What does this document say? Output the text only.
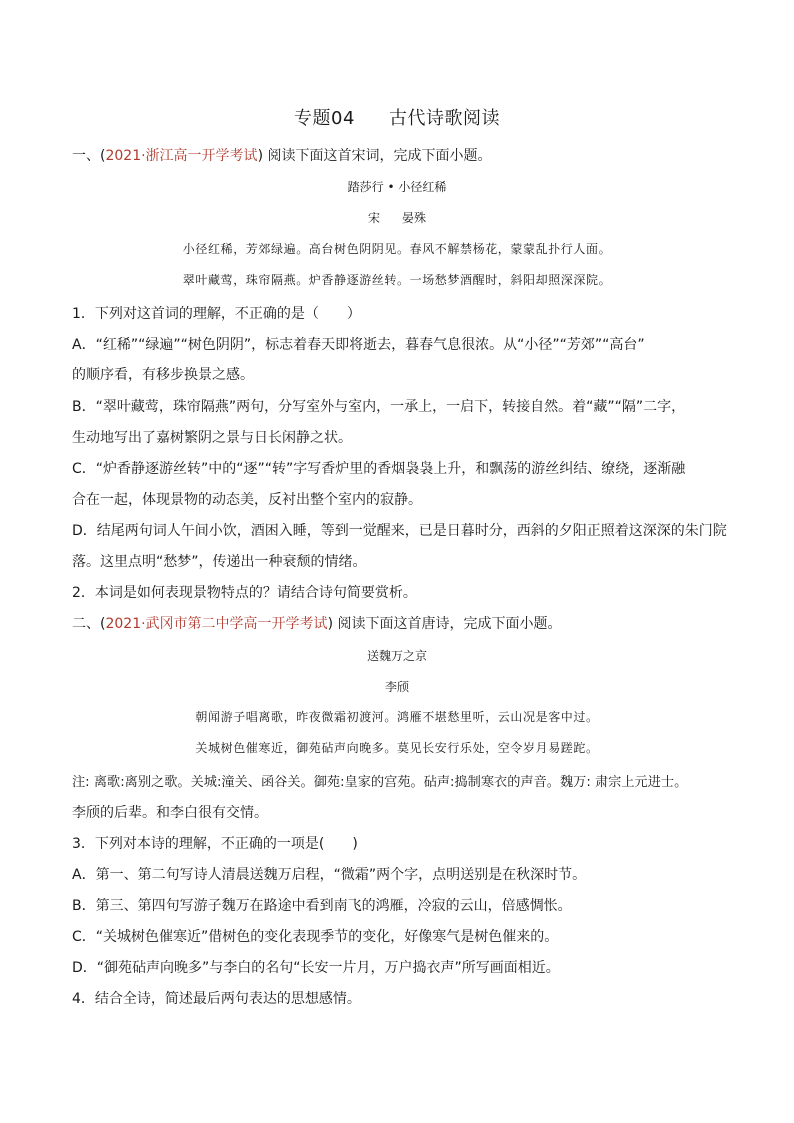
专题04 古代诗歌阅读
一、(2021·浙江高一开学考试) 阅读下面这首宋词，完成下面小题。
踏莎行 • 小径红稀
宋 晏殊
小径红稀，芳郊绿遍。高台树色阴阴见。春风不解禁杨花，蒙蒙乱扑行人面。
翠叶藏莺，珠帘隔燕。炉香静逐游丝转。一场愁梦酒醒时，斜阳却照深深院。
1．下列对这首词的理解，不正确的是（　　）
A．“红稀”“绿遍”“树色阴阴”，标志着春天即将逝去，暮春气息很浓。从“小径”“芳郊”“高台”
的顺序看，有移步换景之感。
B．“翠叶藏莺，珠帘隔燕”两句，分写室外与室内，一承上，一启下，转接自然。着“藏”“隔”二字，
生动地写出了嘉树繁阴之景与日长闲静之状。
C．“炉香静逐游丝转”中的“逐”“转”字写香炉里的香烟袅袅上升，和飘荡的游丝纠结、缭绕，逐渐融
合在一起，体现景物的动态美，反衬出整个室内的寂静。
D．结尾两句词人午间小饮，酒困入睡，等到一觉醒来，已是日暮时分，西斜的夕阳正照着这深深的朱门院
落。这里点明“愁梦”，传递出一种衰颓的情绪。
2．本词是如何表现景物特点的？请结合诗句简要赏析。
二、(2021·武冈市第二中学高一开学考试) 阅读下面这首唐诗，完成下面小题。
送魏万之京
李颀
朝闻游子唱离歌，昨夜微霜初渡河。鸿雁不堪愁里听，云山况是客中过。
关城树色催寒近，御苑砧声向晚多。莫见长安行乐处，空令岁月易蹉跎。
注: 离歌:离别之歌。关城:潼关、函谷关。御苑:皇家的宫苑。砧声:捣制寒衣的声音。魏万: 肃宗上元进士。
李颀的后辈。和李白很有交情。
3．下列对本诗的理解，不正确的一项是(　　)
A．第一、第二句写诗人清晨送魏万启程，“微霜”两个字，点明送别是在秋深时节。
B．第三、第四句写游子魏万在路途中看到南飞的鸿雁，冷寂的云山，倍感惆怅。
C．“关城树色催寒近”借树色的变化表现季节的变化，好像寒气是树色催来的。
D．“御苑砧声向晚多”与李白的名句“长安一片月，万户捣衣声”所写画面相近。
4．结合全诗，简述最后两句表达的思想感情。
